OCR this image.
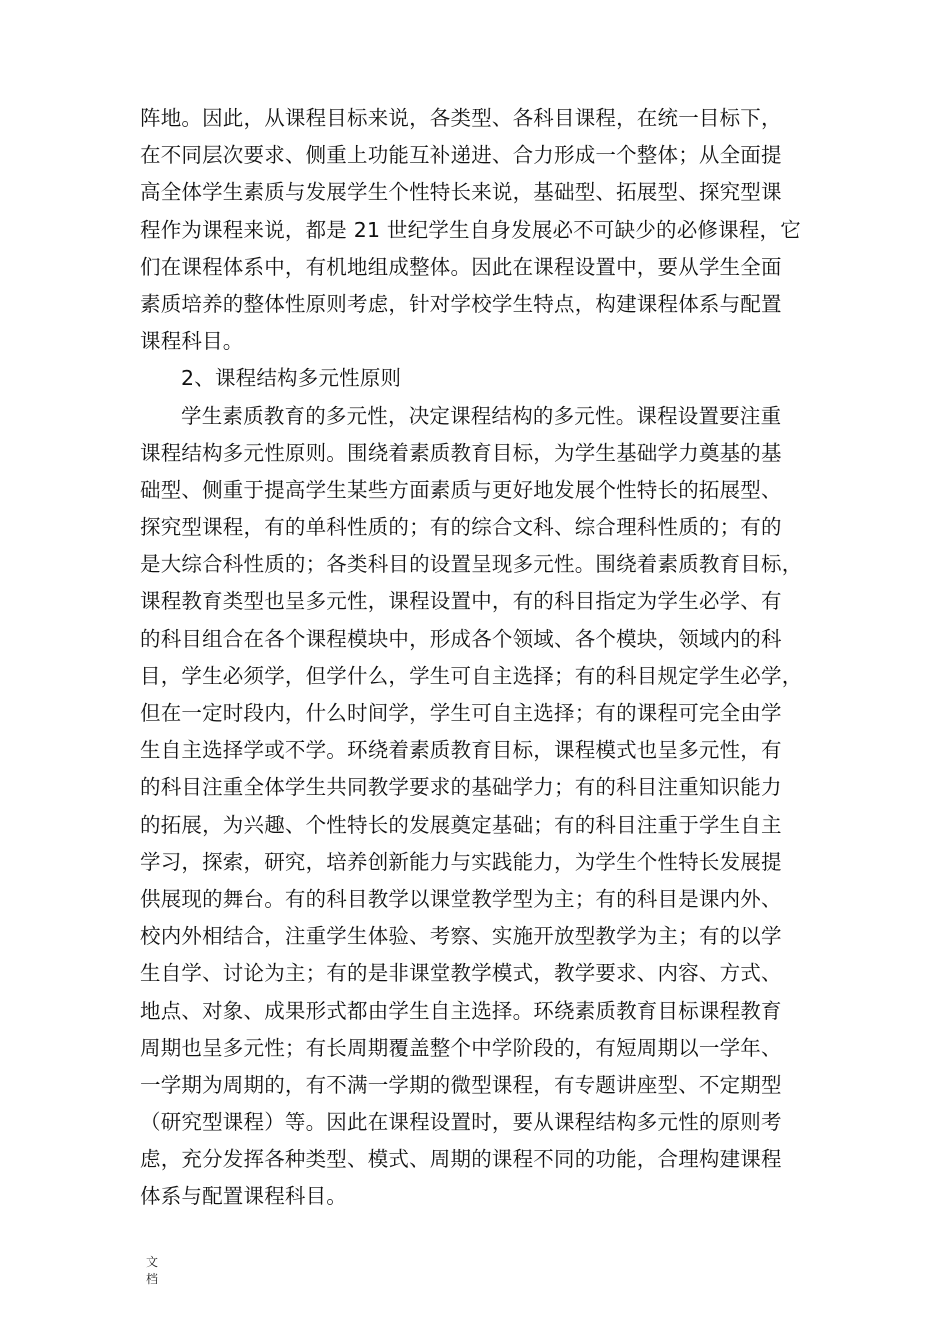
阵地。因此，从课程目标来说，各类型、各科目课程，在统一目标下，
在不同层次要求、侧重上功能互补递进、合力形成一个整体；从全面提
高全体学生素质与发展学生个性特长来说，基础型、拓展型、探究型课
程作为课程来说，都是 21 世纪学生自身发展必不可缺少的必修课程，它
们在课程体系中，有机地组成整体。因此在课程设置中，要从学生全面
素质培养的整体性原则考虑，针对学校学生特点，构建课程体系与配置
课程科目。
2、课程结构多元性原则
学生素质教育的多元性，决定课程结构的多元性。课程设置要注重
课程结构多元性原则。围绕着素质教育目标，为学生基础学力奠基的基
础型、侧重于提高学生某些方面素质与更好地发展个性特长的拓展型、
探究型课程，有的单科性质的；有的综合文科、综合理科性质的；有的
是大综合科性质的；各类科目的设置呈现多元性。围绕着素质教育目标，
课程教育类型也呈多元性，课程设置中，有的科目指定为学生必学、有
的科目组合在各个课程模块中，形成各个领域、各个模块，领域内的科
目，学生必须学，但学什么，学生可自主选择；有的科目规定学生必学，
但在一定时段内，什么时间学，学生可自主选择；有的课程可完全由学
生自主选择学或不学。环绕着素质教育目标，课程模式也呈多元性，有
的科目注重全体学生共同教学要求的基础学力；有的科目注重知识能力
的拓展，为兴趣、个性特长的发展奠定基础；有的科目注重于学生自主
学习，探索，研究，培养创新能力与实践能力，为学生个性特长发展提
供展现的舞台。有的科目教学以课堂教学型为主；有的科目是课内外、
校内外相结合，注重学生体验、考察、实施开放型教学为主；有的以学
生自学、讨论为主；有的是非课堂教学模式，教学要求、内容、方式、
地点、对象、成果形式都由学生自主选择。环绕素质教育目标课程教育
周期也呈多元性；有长周期覆盖整个中学阶段的，有短周期以一学年、
一学期为周期的，有不满一学期的微型课程，有专题讲座型、不定期型
（研究型课程）等。因此在课程设置时，要从课程结构多元性的原则考
虑，充分发挥各种类型、模式、周期的课程不同的功能，合理构建课程
体系与配置课程科目。
文
档
